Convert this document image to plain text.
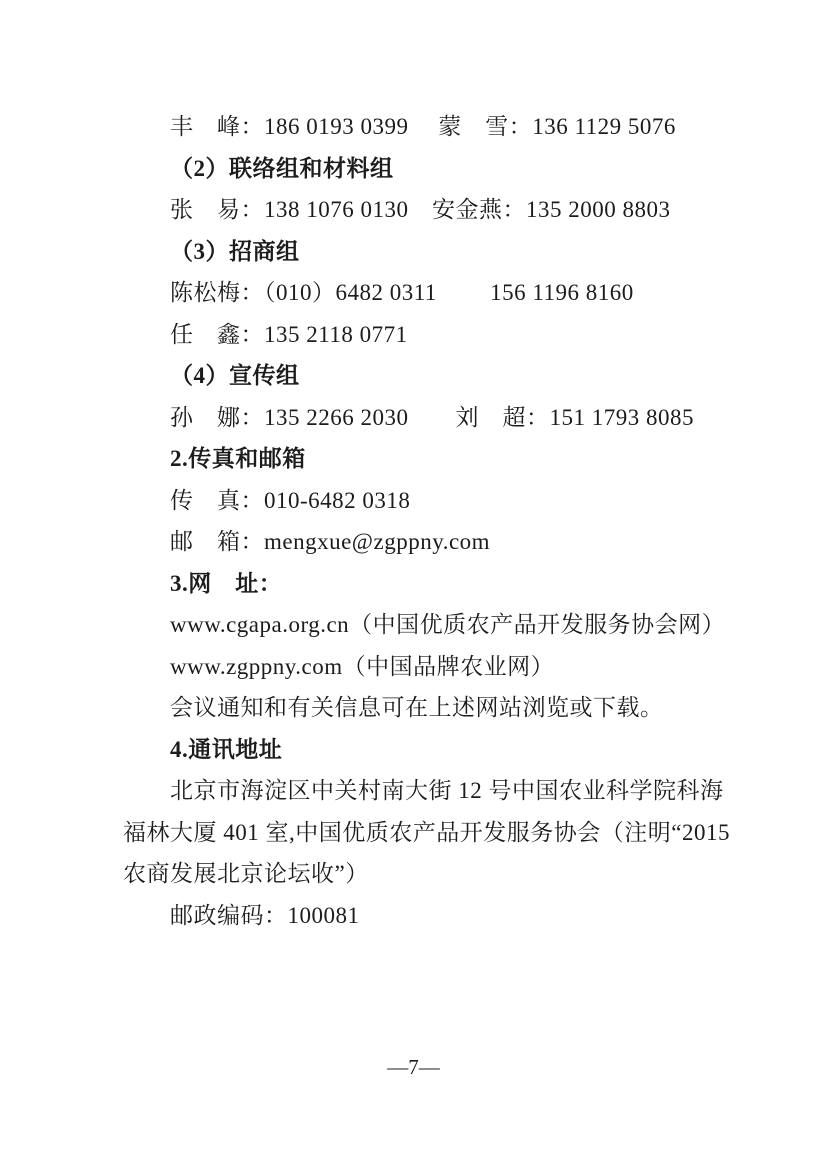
丰　峰：186 0193 0399　 蒙　雪：136 1129 5076
（2）联络组和材料组
张　易：138 1076 0130　安金燕：135 2000 8803
（3）招商组
陈松梅：（010）6482 0311　　 156 1196 8160
任　鑫：135 2118 0771
（4）宣传组
孙　娜：135 2266 2030　　刘　超：151 1793 8085
2.传真和邮箱
传　真：010-6482 0318
邮　箱：mengxue@zgppny.com
3.网　址：
www.cgapa.org.cn（中国优质农产品开发服务协会网）
www.zgppny.com（中国品牌农业网）
会议通知和有关信息可在上述网站浏览或下载。
4.通讯地址
北京市海淀区中关村南大街 12 号中国农业科学院科海
福林大厦 401 室,中国优质农产品开发服务协会（注明“2015
农商发展北京论坛收”）
邮政编码：100081
—7—
